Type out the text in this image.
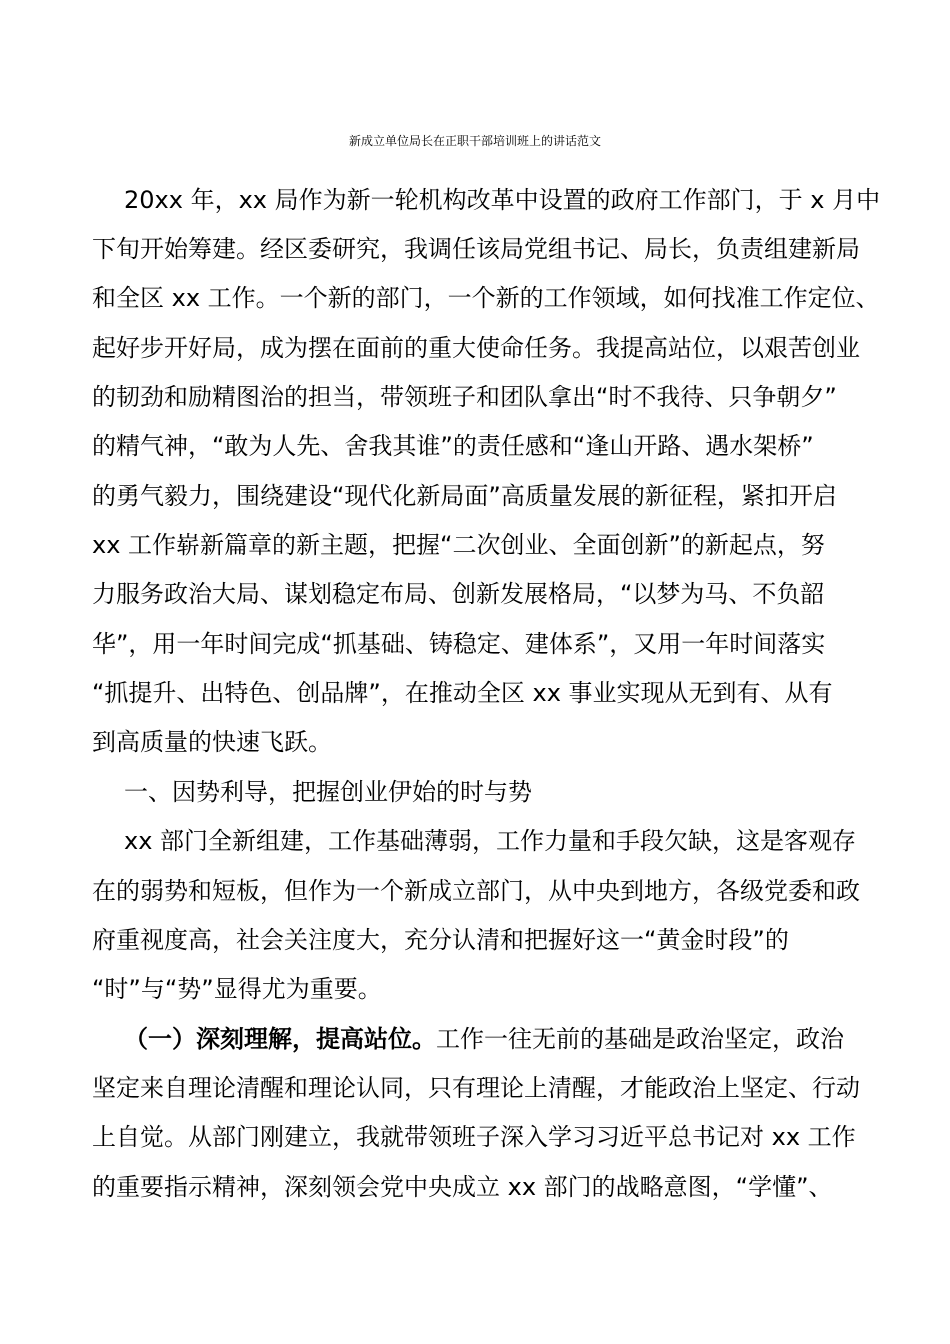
新成立单位局长在正职干部培训班上的讲话范文
20xx 年，xx 局作为新一轮机构改革中设置的政府工作部门，于 x 月中
下旬开始筹建。经区委研究，我调任该局党组书记、局长，负责组建新局
和全区 xx 工作。一个新的部门，一个新的工作领域，如何找准工作定位、
起好步开好局，成为摆在面前的重大使命任务。我提高站位，以艰苦创业
的韧劲和励精图治的担当，带领班子和团队拿出“时不我待、只争朝夕”
的精气神，“敢为人先、舍我其谁”的责任感和“逢山开路、遇水架桥”
的勇气毅力，围绕建设“现代化新局面”高质量发展的新征程，紧扣开启
xx 工作崭新篇章的新主题，把握“二次创业、全面创新”的新起点，努
力服务政治大局、谋划稳定布局、创新发展格局，“以梦为马、不负韶
华”，用一年时间完成“抓基础、铸稳定、建体系”，又用一年时间落实
“抓提升、出特色、创品牌”，在推动全区 xx 事业实现从无到有、从有
到高质量的快速飞跃。
一、因势利导，把握创业伊始的时与势
xx 部门全新组建，工作基础薄弱，工作力量和手段欠缺，这是客观存
在的弱势和短板，但作为一个新成立部门，从中央到地方，各级党委和政
府重视度高，社会关注度大，充分认清和把握好这一“黄金时段”的
“时”与“势”显得尤为重要。
（一）深刻理解，提高站位。工作一往无前的基础是政治坚定，政治
坚定来自理论清醒和理论认同，只有理论上清醒，才能政治上坚定、行动
上自觉。从部门刚建立，我就带领班子深入学习习近平总书记对 xx 工作
的重要指示精神，深刻领会党中央成立 xx 部门的战略意图，“学懂”、
